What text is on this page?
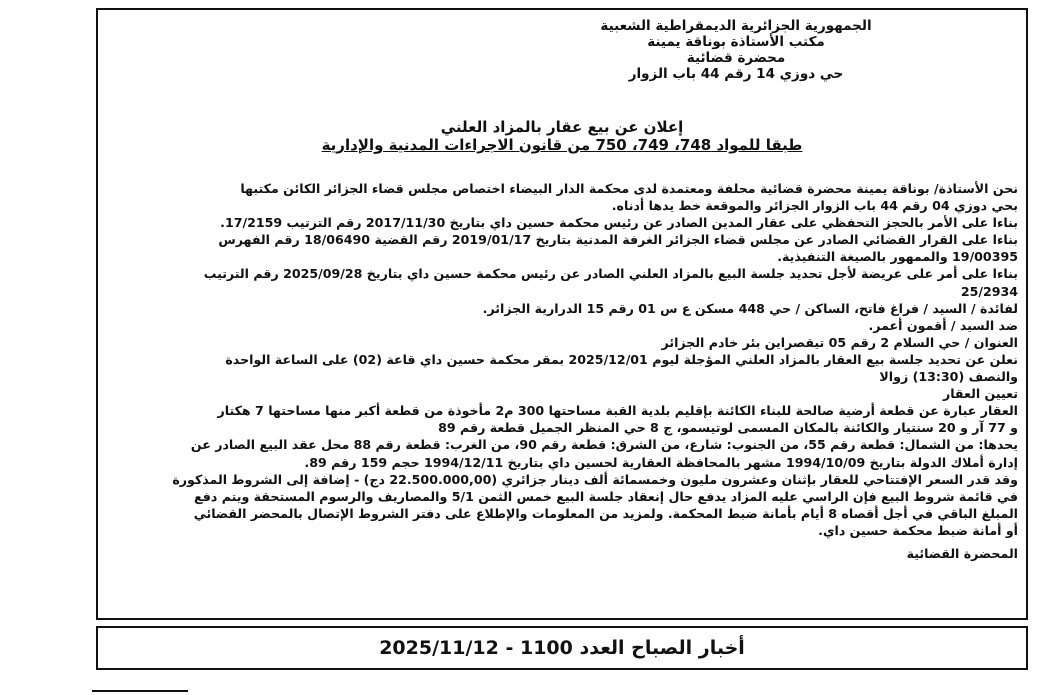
الجمهورية الجزائرية الديمقراطية الشعبية
مكتب الأستاذة بوناقة يمينة
محضرة قضائية
حي دوزي 14 رقم 44 باب الزوار
إعلان عن بيع عقار بالمزاد العلني
طبقا للمواد 748، 749، 750 من قانون الاجراءات المدنية والإدارية

نحن الأستاذة/ بوناقة يمينة محضرة قضائية محلفة ومعتمدة لدى محكمة الدار البيضاء اختصاص مجلس قضاء الجزائر الكائن مكتبها

بحي دوزي 04 رقم 44 باب الزوار الجزائر والموقعة خط يدها أدناه.

بناءا على الأمر بالحجز التحفظي على عقار المدين الصادر عن رئيس محكمة حسين داي بتاريخ 2017/11/30 رقم الترتيب 17/2159.

بناءا على القرار القضائي الصادر عن مجلس قضاء الجزائر الغرفة المدنية بتاريخ 2019/01/17 رقم القضية 18/06490 رقم الفهرس

19/00395 والممهور بالصيغة التنفيذية.

بناءا على أمر على عريضة لأجل تحديد جلسة البيع بالمزاد العلني الصادر عن رئيس محكمة حسين داي بتاريخ 2025/09/28 رقم الترتيب

25/2934

لفائدة / السيد / فراغ فاتح، الساكن / حي 448 مسكن ع س 01 رقم 15 الدرارية الجزائر.

ضد السيد / أقمون أعمر.

العنوان / حي السلام 2 رقم 05 تيقصراين بئر خادم الجزائر

نعلن عن تحديد جلسة بيع العقار بالمزاد العلني المؤجلة ليوم 2025/12/01 بمقر محكمة حسين داي قاعة (02) على الساعة الواحدة

والنصف (13:30) زوالا

تعيين العقار

العقار عبارة عن قطعة أرضية صالحة للبناء الكائنة بإقليم بلدية القبة مساحتها 300 م2 مأخوذة من قطعة أكبر منها مساحتها 7 هكتار

و 77 آر و 20 سنتيار والكائنة بالمكان المسمى لوتيسمو، ج 8 حي المنظر الجميل قطعة رقم 89

يحدها: من الشمال: قطعة رقم 55، من الجنوب: شارع، من الشرق: قطعة رقم 90، من الغرب: قطعة رقم 88 محل عقد البيع الصادر عن

إدارة أملاك الدولة بتاريخ 1994/10/09 مشهر بالمحافظة العقارية لحسين داي بتاريخ 1994/12/11 حجم 159 رقم 89.

وقد قدر السعر الإفتتاحي للعقار بإثنان وعشرون مليون وخمسمائة ألف دينار جزائري (22.500.000,00 دج) - إضافة إلى الشروط المذكورة

في قائمة شروط البيع فإن الراسي عليه المزاد يدفع حال إنعقاد جلسة البيع خمس الثمن 5/1 والمصاريف والرسوم المستحقة ويتم دفع

المبلغ الباقي في أجل أقصاه 8 أيام بأمانة ضبط المحكمة. ولمزيد من المعلومات والإطلاع على دفتر الشروط الإتصال بالمحضر القضائي

أو أمانة ضبط محكمة حسين داي.

المحضرة القضائية

أخبار الصباح العدد 1100 - 2025/11/12
